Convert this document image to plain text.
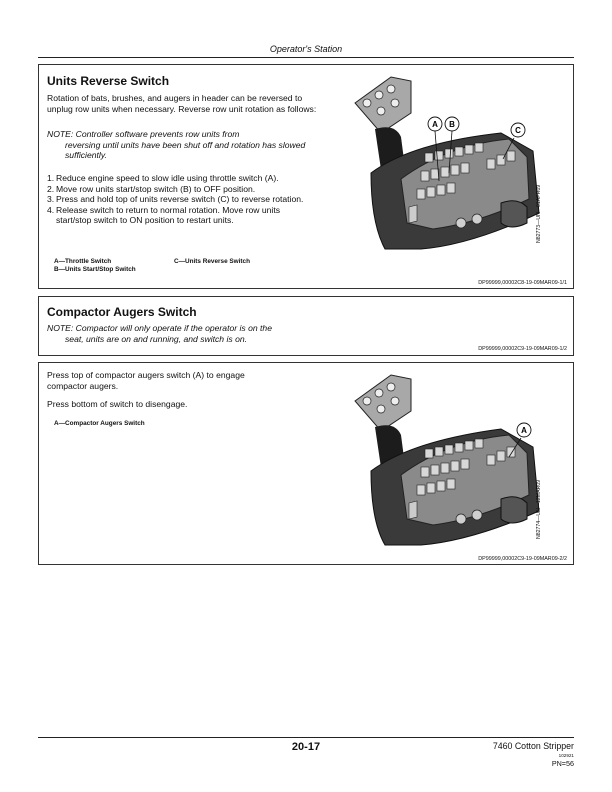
Operator's Station
Units Reverse Switch
Rotation of bats, brushes, and augers in header can be reversed to unplug row units when necessary. Reverse row unit rotation as follows:
NOTE: Controller software prevents row units from
reversing until units have been shut off and rotation has slowed sufficiently.
1. Reduce engine speed to slow idle using throttle switch (A).
2. Move row units start/stop switch (B) to OFF position.
3. Press and hold top of units reverse switch (C) to reverse rotation.
4. Release switch to return to normal rotation. Move row units start/stop switch to ON position to restart units.
A—Throttle Switch
B—Units Start/Stop Switch
C—Units Reverse Switch
A B
C
N82773—UN—01APR09
DP99999,00002C8-19-09MAR09-1/1
Compactor Augers Switch
NOTE: Compactor will only operate if the operator is on the
seat, units are on and running, and switch is on.
DP99999,00002C9-19-09MAR09-1/2
Press top of compactor augers switch (A) to engage compactor augers.
Press bottom of switch to disengage.
A—Compactor Augers Switch
A
N82774—UN—12MAR09
DP99999,00002C9-19-09MAR09-2/2
20-17	7460 Cotton Stripper
102921
PN=56
